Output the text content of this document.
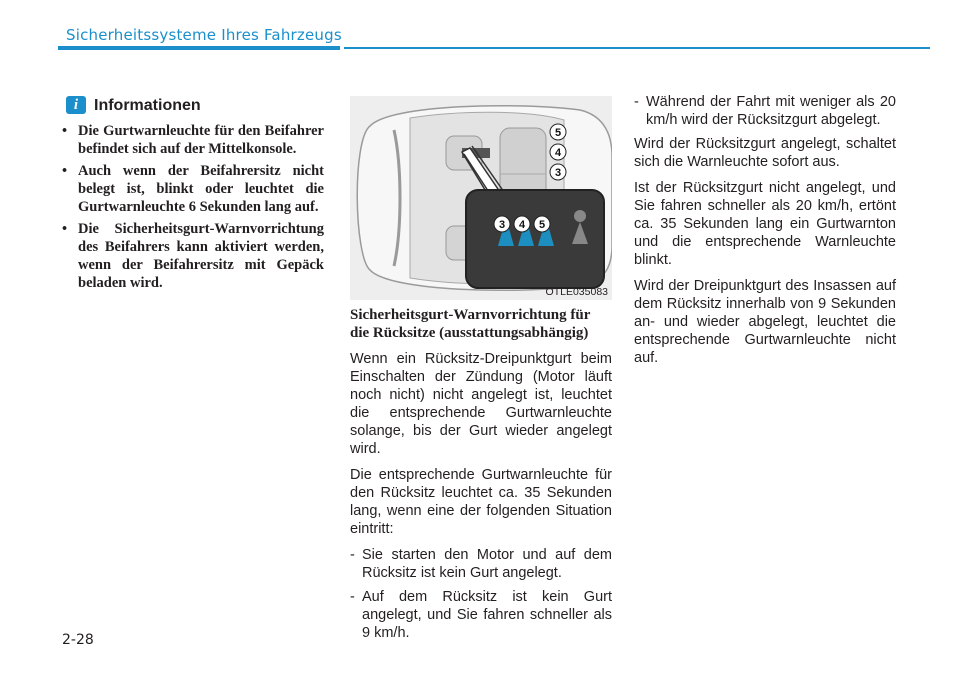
Sicherheitssysteme Ihres Fahrzeugs
i Informationen
• Die Gurtwarnleuchte für den Beifahrer befindet sich auf der Mittelkonsole.
• Auch wenn der Beifahrersitz nicht belegt ist, blinkt oder leuchtet die Gurtwarnleuchte 6 Sekunden lang auf.
• Die Sicherheitsgurt-Warnvorrichtung des Beifahrers kann aktiviert werden, wenn der Beifahrersitz mit Gepäck beladen wird.
3 4 5
5
4
3
OTLE035083
Sicherheitsgurt-Warnvorrichtung für die Rücksitze (ausstattungsabhängig)
Wenn ein Rücksitz-Dreipunktgurt beim Einschalten der Zündung (Motor läuft noch nicht) nicht angelegt ist, leuchtet die entsprechende Gurtwarnleuchte solange, bis der Gurt wieder angelegt wird.
Die entsprechende Gurtwarnleuchte für den Rücksitz leuchtet ca. 35 Sekunden lang, wenn eine der folgenden Situation eintritt:
- Sie starten den Motor und auf dem Rücksitz ist kein Gurt angelegt.
- Auf dem Rücksitz ist kein Gurt angelegt, und Sie fahren schneller als 9 km/h.
- Während der Fahrt mit weniger als 20 km/h wird der Rücksitzgurt abgelegt.
Wird der Rücksitzgurt angelegt, schaltet sich die Warnleuchte sofort aus.
Ist der Rücksitzgurt nicht angelegt, und Sie fahren schneller als 20 km/h, ertönt ca. 35 Sekunden lang ein Gurtwarnton und die entsprechende Warnleuchte blinkt.
Wird der Dreipunktgurt des Insassen auf dem Rücksitz innerhalb von 9 Sekunden an- und wieder abgelegt, leuchtet die entsprechende Gurtwarnleuchte nicht auf.
2-28
